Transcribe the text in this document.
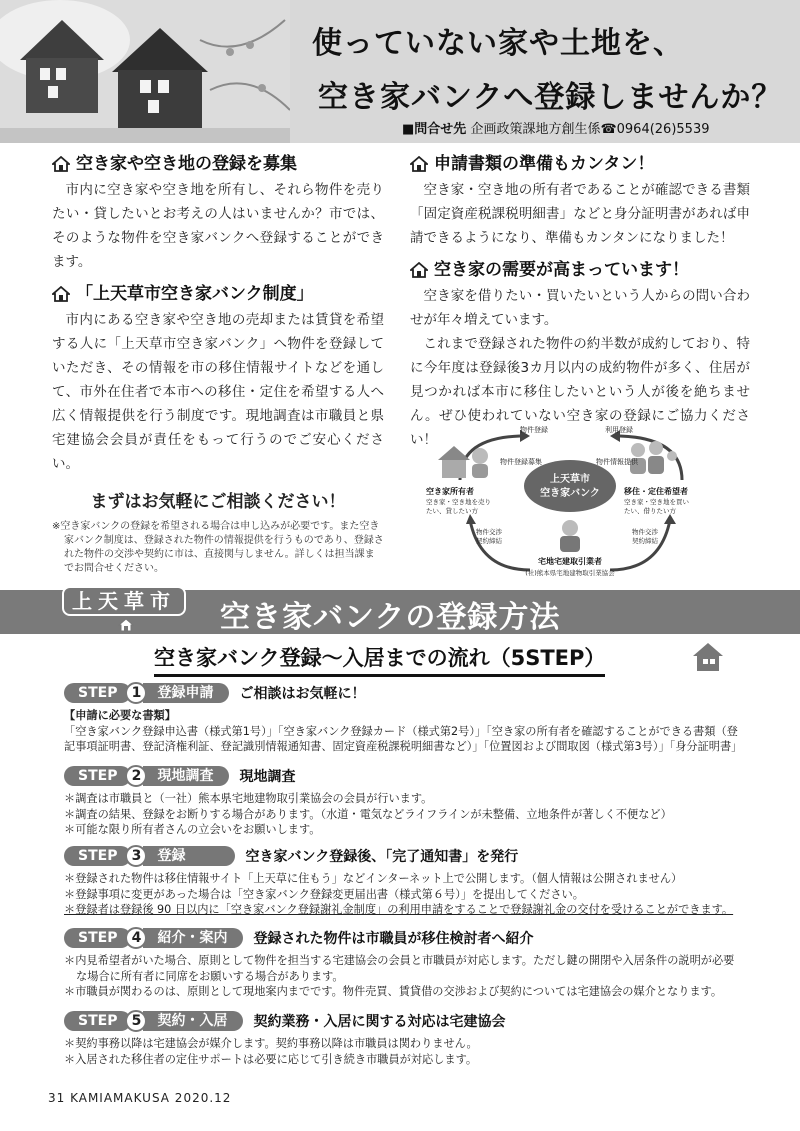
使っていない家や土地を、
空き家バンクへ登録しませんか？
■問合せ先 企画政策課地方創生係☎0964(26)5539
空き家や空き地の登録を募集
市内に空き家や空き地を所有し、それら物件を売りたい・貸したいとお考えの人はいませんか？市では、そのような物件を空き家バンクへ登録することができます。
「上天草市空き家バンク制度」
市内にある空き家や空き地の売却または賃貸を希望する人に「上天草市空き家バンク」へ物件を登録していただき、その情報を市の移住情報サイトなどを通して、市外在住者で本市への移住・定住を希望する人へ広く情報提供を行う制度です。現地調査は市職員と県宅建協会会員が責任をもって行うのでご安心ください。
まずはお気軽にご相談ください！
※空き家バンクの登録を希望される場合は申し込みが必要です。また空き家バンク制度は、登録された物件の情報提供を行うものであり、登録された物件の交渉や契約に市は、直接関与しません。詳しくは担当課までお問合せください。
申請書類の準備もカンタン！
空き家・空き地の所有者であることが確認できる書類「固定資産税課税明細書」などと身分証明書があれば申請できるようになり、準備もカンタンになりました！
空き家の需要が高まっています！
空き家を借りたい・買いたいという人からの問い合わせが年々増えています。
これまで登録された物件の約半数が成約しており、特に今年度は登録後3カ月以内の成約物件が多く、住居が見つかれば本市に移住したいという人が後を絶ちません。ぜひ使われていない空き家の登録にご協力ください！
上天草市
空き家バンク
物件登録	利用登録
物件登録募集	物件情報提供
空き家所有者
空き家・空き地を売り
たい、貸したい方
移住・定住希望者
空き家・空き地を買い
たい、借りたい方
物件交渉
契約締結
物件交渉
契約締結
宅地宅建取引業者
(社)熊本県宅地建物取引業協会
上天草市	空き家バンクの登録方法
空き家バンク登録～入居までの流れ（5STEP）
STEP	1	登録申請	ご相談はお気軽に！
【申請に必要な書類】
「空き家バンク登録申込書（様式第1号）」「空き家バンク登録カード（様式第2号）」「空き家の所有者を確認することができる書類（登記事項証明書、登記済権利証、登記識別情報通知書、固定資産税課税明細書など）」「位置図および間取図（様式第3号）」「身分証明書」
STEP	2	現地調査	現地調査
＊調査は市職員と（一社）熊本県宅地建物取引業協会の会員が行います。
＊調査の結果、登録をお断りする場合があります。（水道・電気などライフラインが未整備、立地条件が著しく不便など）
＊可能な限り所有者さんの立会いをお願いします。
STEP	3	登録	空き家バンク登録後、「完了通知書」を発行
＊登録された物件は移住情報サイト「上天草に住もう」などインターネット上で公開します。（個人情報は公開されません）
＊登録事項に変更があった場合は「空き家バンク登録変更届出書（様式第６号）」を提出してください。
＊登録者は登録後 90 日以内に「空き家バンク登録謝礼金制度」の利用申請をすることで登録謝礼金の交付を受けることができます。
STEP	4	紹介・案内	登録された物件は市職員が移住検討者へ紹介
＊内見希望者がいた場合、原則として物件を担当する宅建協会の会員と市職員が対応します。ただし鍵の開閉や入居条件の説明が必要な場合に所有者に同席をお願いする場合があります。
＊市職員が関わるのは、原則として現地案内までです。物件売買、賃貸借の交渉および契約については宅建協会の媒介となります。
STEP	5	契約・入居	契約業務・入居に関する対応は宅建協会
＊契約事務以降は宅建協会が媒介します。契約事務以降は市職員は関わりません。
＊入居された移住者の定住サポートは必要に応じて引き続き市職員が対応します。
31 KAMIAMAKUSA 2020.12
